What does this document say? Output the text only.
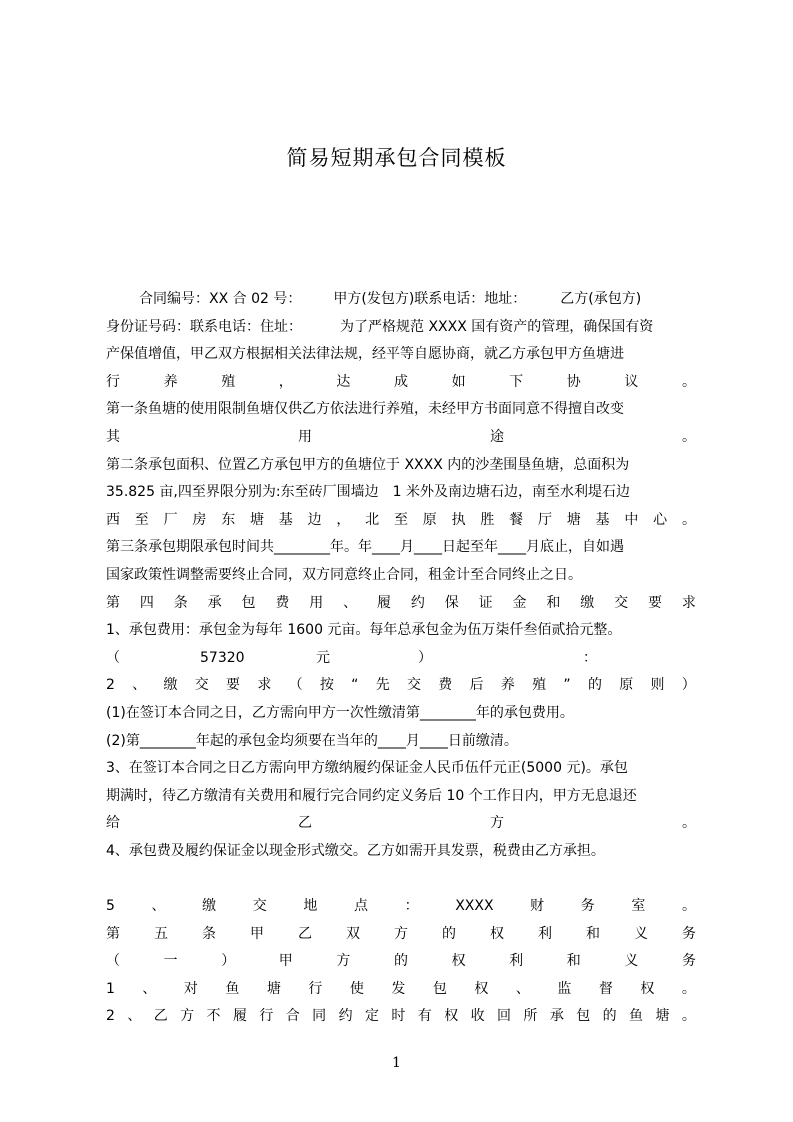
简易短期承包合同模板
合同编号：XX 合 02 号： 甲方(发包方)联系电话：地址： 乙方(承包方)
身份证号码：联系电话：住址：	为了严格规范 XXXX 国有资产的管理，确保国有资
产保值增值，甲乙双方根据相关法律法规，经平等自愿协商，就乙方承包甲方鱼塘进
行	养	殖	，	达	成	如	下	协	议	。
第一条鱼塘的使用限制鱼塘仅供乙方依法进行养殖，未经甲方书面同意不得擅自改变
其	用	途	。
第二条承包面积、位置乙方承包甲方的鱼塘位于 XXXX 内的沙垄围垦鱼塘，总面积为
35.825 亩,四至界限分别为:东至砖厂围墙边　1 米外及南边塘石边，南至水利堤石边
西 至 厂 房 东 塘 基 边 ， 北 至 原 执 胜 餐 厅 塘 基 中 心 。
第三条承包期限承包时间共________年。年____月____日起至年____月底止，自如遇
国家政策性调整需要终止合同，双方同意终止合同，租金计至合同终止之日。
第 四 条 承 包 费 用 、 履 约 保 证 金 和 缴 交 要 求
1、承包费用：承包金为每年 1600 元亩。每年总承包金为伍万柒仟叁佰贰拾元整。
（	57320	元	）	：
2 、 缴 交 要 求 （ 按 “ 先 交 费 后 养 殖 ” 的 原 则 ）
(1)在签订本合同之日，乙方需向甲方一次性缴清第________年的承包费用。
(2)第________年起的承包金均须要在当年的____月____日前缴清。
3、在签订本合同之日乙方需向甲方缴纳履约保证金人民币伍仟元正(5000 元)。承包
期满时，待乙方缴清有关费用和履行完合同约定义务后 10 个工作日内，甲方无息退还
给	乙	方	。
4、承包费及履约保证金以现金形式缴交。乙方如需开具发票，税费由乙方承担。
5	、	缴	交	地	点	：	XXXX	财	务	室	。
第 五 条 甲 乙 双 方 的 权 利 和 义 务
（	一	）	甲	方	的	权	利	和	义	务
1 、 对 鱼 塘 行 使 发 包 权 、 监 督 权 。
2 、 乙 方 不 履 行 合 同 约 定 时 有 权 收 回 所 承 包 的 鱼 塘 。
1
